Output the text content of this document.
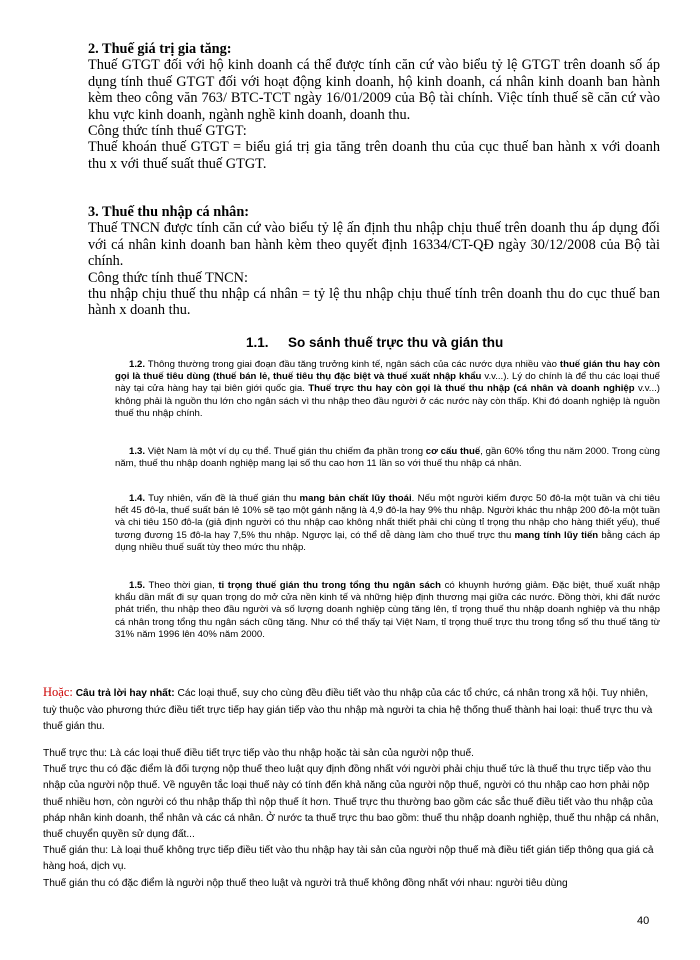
2. Thuế giá trị gia tăng:
Thuế GTGT đối với hộ kinh doanh cá thể được tính căn cứ vào biểu tỷ lệ GTGT trên doanh số áp dụng tính thuế GTGT đối với hoạt động kinh doanh, hộ kinh doanh, cá nhân kinh doanh ban hành kèm theo công văn 763/ BTC-TCT ngày 16/01/2009 của Bộ tài chính. Việc tính thuế sẽ căn cứ vào khu vực kinh doanh, ngành nghề kinh doanh, doanh thu.
Công thức tính thuế GTGT:
Thuế khoán thuế GTGT = biểu giá trị gia tăng trên doanh thu của cục thuế ban hành x với doanh thu x với thuế suất thuế GTGT.
3. Thuế thu nhập cá nhân:
Thuế TNCN được tính căn cứ vào biểu tỷ lệ ấn định thu nhập chịu thuế trên doanh thu áp dụng đối với cá nhân kinh doanh ban hành kèm theo quyết định 16334/CT-QĐ ngày 30/12/2008 của Bộ tài chính.
Công thức tính thuế TNCN:
thu nhập chịu thuế thu nhập cá nhân = tỷ lệ thu nhập chịu thuế tính trên doanh thu do cục thuế ban hành x doanh thu.
1.1. So sánh thuế trực thu và gián thu
1.2. Thông thường trong giai đoạn đầu tăng trưởng kinh tế, ngân sách của các nước dựa nhiều vào thuế gián thu hay còn gọi là thuế tiêu dùng (thuế bán lẻ, thuế tiêu thụ đặc biệt và thuế xuất nhập khẩu v.v...). Lý do chính là để thu các loại thuế này tại cửa hàng hay tại biên giới quốc gia. Thuế trực thu hay còn gọi là thuế thu nhập (cá nhân và doanh nghiệp v.v...) không phải là nguồn thu lớn cho ngân sách vì thu nhập theo đầu người ở các nước này còn thấp. Khi đó doanh nghiệp là nguồn thuế thu nhập chính.
1.3. Việt Nam là một ví dụ cụ thể. Thuế gián thu chiếm đa phần trong cơ cấu thuế, gần 60% tổng thu năm 2000. Trong cùng năm, thuế thu nhập doanh nghiệp mang lại số thu cao hơn 11 lần so với thuế thu nhập cá nhân.
1.4. Tuy nhiên, vấn đề là thuế gián thu mang bản chất lũy thoái. Nếu một người kiếm được 50 đô-la một tuần và chi tiêu hết 45 đô-la, thuế suất bán lẻ 10% sẽ tạo một gánh nặng là 4,9 đô-la hay 9% thu nhập. Người khác thu nhập 200 đô-la một tuần và chi tiêu 150 đô-la (giả định người có thu nhập cao không nhất thiết phải chi cùng tỉ trọng thu nhập cho hàng thiết yếu), thuế tương đương 15 đô-la hay 7,5% thu nhập. Ngược lại, có thể dễ dàng làm cho thuế trực thu mang tính lũy tiến bằng cách áp dụng nhiều thuế suất tùy theo mức thu nhập.
1.5. Theo thời gian, tỉ trọng thuế gián thu trong tổng thu ngân sách có khuynh hướng giảm. Đặc biệt, thuế xuất nhập khẩu dần mất đi sự quan trọng do mở cửa nền kinh tế và những hiệp định thương mại giữa các nước. Đồng thời, khi đất nước phát triển, thu nhập theo đầu người và số lượng doanh nghiệp cùng tăng lên, tỉ trọng thuế thu nhập doanh nghiệp và thu nhập cá nhân trong tổng thu ngân sách cũng tăng. Như có thể thấy tại Việt Nam, tỉ trọng thuế trực thu trong tổng số thu thuế tăng từ 31% năm 1996 lên 40% năm 2000.
Hoặc: Câu trả lời hay nhất: Các loại thuế, suy cho cùng đều điều tiết vào thu nhập của các tổ chức, cá nhân trong xã hội. Tuy nhiên, tuỳ thuộc vào phương thức điều tiết trực tiếp hay gián tiếp vào thu nhập mà người ta chia hệ thống thuế thành hai loại: thuế trực thu và thuế gián thu.
Thuế trực thu: Là các loại thuế điều tiết trực tiếp vào thu nhập hoặc tài sản của người nộp thuế.
Thuế trực thu có đặc điểm là đối tượng nộp thuế theo luật quy định đồng nhất với người phải chịu thuế tức là thuế thu trực tiếp vào thu nhập của người nộp thuế. Về nguyên tắc loại thuế này có tính đến khả năng của người nộp thuế, người có thu nhập cao hơn phải nộp thuế nhiều hơn, còn người có thu nhập thấp thì nộp thuế ít hơn. Thuế trực thu thường bao gồm các sắc thuế điều tiết vào thu nhập của pháp nhân kinh doanh, thể nhân và các cá nhân. Ở nước ta thuế trực thu bao gồm: thuế thu nhập doanh nghiệp, thuế thu nhập cá nhân, thuế chuyển quyền sử dụng đất...
Thuế gián thu: Là loại thuế không trực tiếp điều tiết vào thu nhập hay tài sản của người nộp thuế mà điều tiết gián tiếp thông qua giá cả hàng hoá, dịch vụ.
Thuế gián thu có đặc điểm là người nộp thuế theo luật và người trả thuế không đồng nhất với nhau: người tiêu dùng
40
